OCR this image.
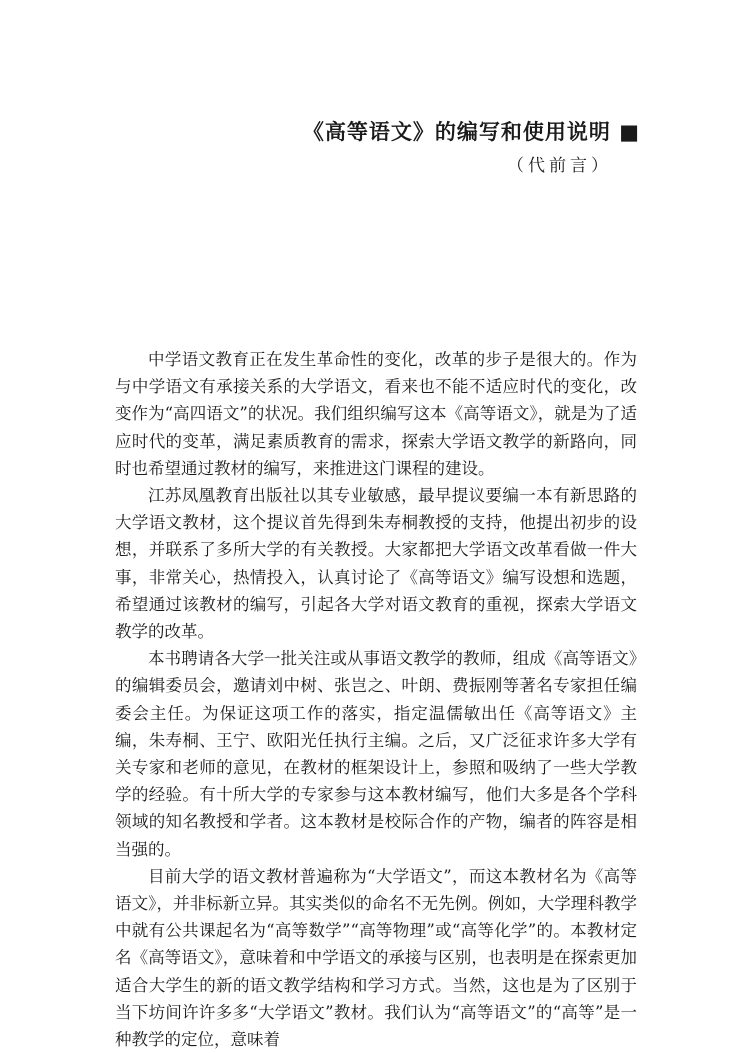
《高等语文》的编写和使用说明 ■
（代前言）

中学语文教育正在发生革命性的变化，改革的步子是很大的。作为与中学语文有承接关系的大学语文，看来也不能不适应时代的变化，改变作为“高四语文”的状况。我们组织编写这本《高等语文》，就是为了适应时代的变革，满足素质教育的需求，探索大学语文教学的新路向，同时也希望通过教材的编写，来推进这门课程的建设。

江苏凤凰教育出版社以其专业敏感，最早提议要编一本有新思路的大学语文教材，这个提议首先得到朱寿桐教授的支持，他提出初步的设想，并联系了多所大学的有关教授。大家都把大学语文改革看做一件大事，非常关心，热情投入，认真讨论了《高等语文》编写设想和选题，希望通过该教材的编写，引起各大学对语文教育的重视，探索大学语文教学的改革。

本书聘请各大学一批关注或从事语文教学的教师，组成《高等语文》的编辑委员会，邀请刘中树、张岂之、叶朗、费振刚等著名专家担任编委会主任。为保证这项工作的落实，指定温儒敏出任《高等语文》主编，朱寿桐、王宁、欧阳光任执行主编。之后，又广泛征求许多大学有关专家和老师的意见，在教材的框架设计上，参照和吸纳了一些大学教学的经验。有十所大学的专家参与这本教材编写，他们大多是各个学科领域的知名教授和学者。这本教材是校际合作的产物，编者的阵容是相当强的。

目前大学的语文教材普遍称为“大学语文”，而这本教材名为《高等语文》，并非标新立异。其实类似的命名不无先例。例如，大学理科教学中就有公共课起名为“高等数学”“高等物理”或“高等化学”的。本教材定名《高等语文》，意味着和中学语文的承接与区别，也表明是在探索更加适合大学生的新的语文教学结构和学习方式。当然，这也是为了区别于当下坊间许许多多“大学语文”教材。我们认为“高等语文”的“高等”是一种教学的定位，意味着
